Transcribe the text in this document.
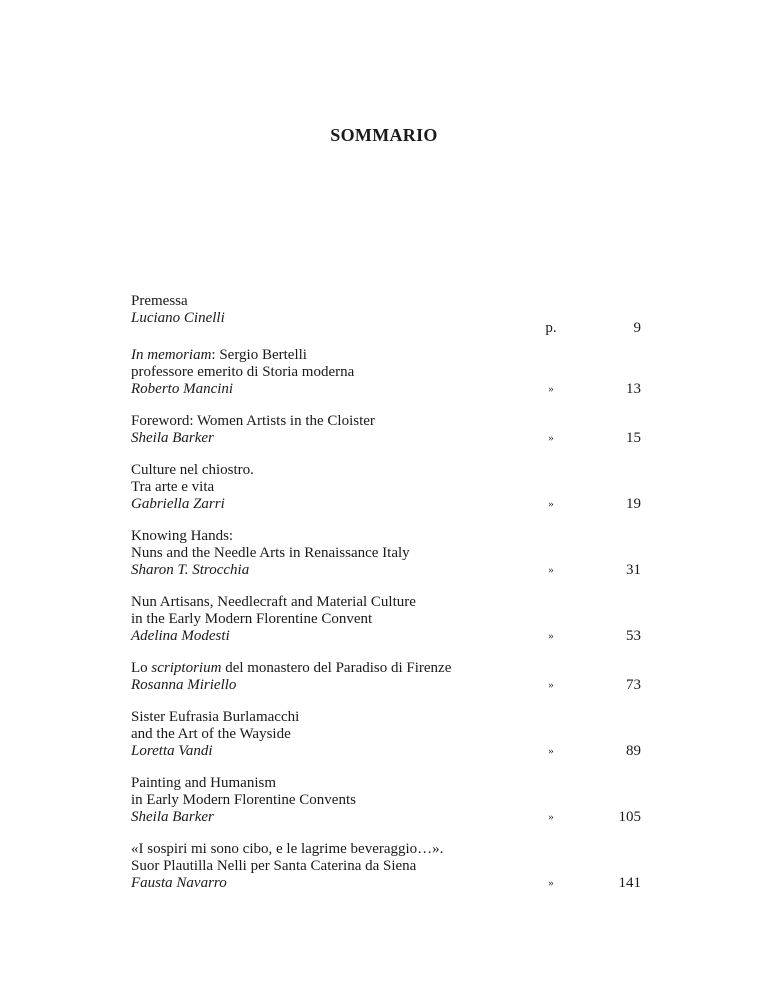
SOMMARIO
Premessa
Luciano Cinelli
p.	9
In memoriam: Sergio Bertelli
professore emerito di Storia moderna
Roberto Mancini	»	13
Foreword: Women Artists in the Cloister
Sheila Barker	»	15
Culture nel chiostro.
Tra arte e vita
Gabriella Zarri	»	19
Knowing Hands:
Nuns and the Needle Arts in Renaissance Italy
Sharon T. Strocchia	»	31
Nun Artisans, Needlecraft and Material Culture
in the Early Modern Florentine Convent
Adelina Modesti	»	53
Lo scriptorium del monastero del Paradiso di Firenze
Rosanna Miriello	»	73
Sister Eufrasia Burlamacchi
and the Art of the Wayside
Loretta Vandi	»	89
Painting and Humanism
in Early Modern Florentine Convents
Sheila Barker	»	105
«I sospiri mi sono cibo, e le lagrime beveraggio…».
Suor Plautilla Nelli per Santa Caterina da Siena
Fausta Navarro	»	141
